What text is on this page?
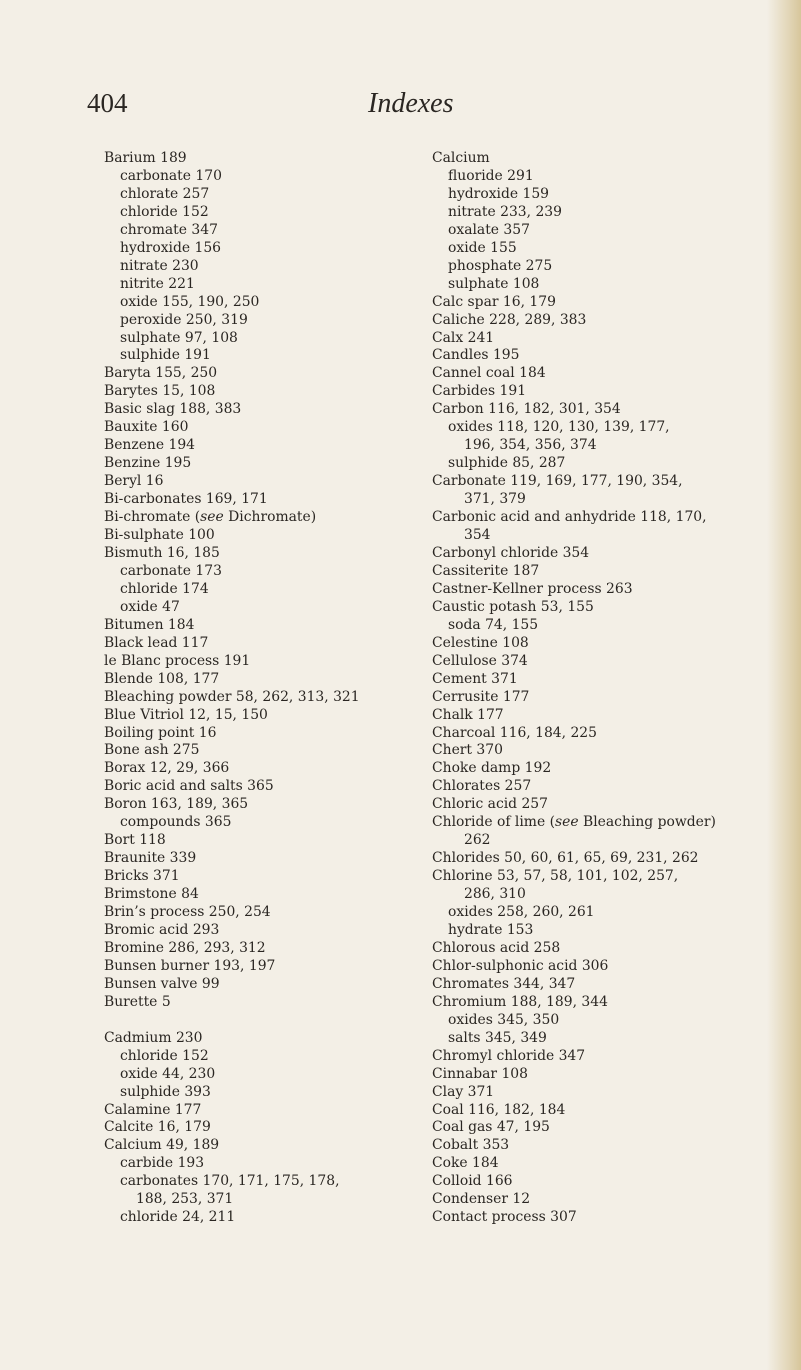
404	Indexes
Barium 189
carbonate 170
chlorate 257
chloride 152
chromate 347
hydroxide 156
nitrate 230
nitrite 221
oxide 155, 190, 250
peroxide 250, 319
sulphate 97, 108
sulphide 191
Baryta 155, 250
Barytes 15, 108
Basic slag 188, 383
Bauxite 160
Benzene 194
Benzine 195
Beryl 16
Bi-carbonates 169, 171
Bi-chromate (see Dichromate)
Bi-sulphate 100
Bismuth 16, 185
carbonate 173
chloride 174
oxide 47
Bitumen 184
Black lead 117
le Blanc process 191
Blende 108, 177
Bleaching powder 58, 262, 313, 321
Blue Vitriol 12, 15, 150
Boiling point 16
Bone ash 275
Borax 12, 29, 366
Boric acid and salts 365
Boron 163, 189, 365
compounds 365
Bort 118
Braunite 339
Bricks 371
Brimstone 84
Brin’s process 250, 254
Bromic acid 293
Bromine 286, 293, 312
Bunsen burner 193, 197
Bunsen valve 99
Burette 5
Cadmium 230
chloride 152
oxide 44, 230
sulphide 393
Calamine 177
Calcite 16, 179
Calcium 49, 189
carbide 193
carbonates 170, 171, 175, 178,
188, 253, 371
chloride 24, 211
Calcium
fluoride 291
hydroxide 159
nitrate 233, 239
oxalate 357
oxide 155
phosphate 275
sulphate 108
Calc spar 16, 179
Caliche 228, 289, 383
Calx 241
Candles 195
Cannel coal 184
Carbides 191
Carbon 116, 182, 301, 354
oxides 118, 120, 130, 139, 177,
196, 354, 356, 374
sulphide 85, 287
Carbonate 119, 169, 177, 190, 354,
371, 379
Carbonic acid and anhydride 118, 170,
354
Carbonyl chloride 354
Cassiterite 187
Castner-Kellner process 263
Caustic potash 53, 155
soda 74, 155
Celestine 108
Cellulose 374
Cement 371
Cerrusite 177
Chalk 177
Charcoal 116, 184, 225
Chert 370
Choke damp 192
Chlorates 257
Chloric acid 257
Chloride of lime (see Bleaching powder)
262
Chlorides 50, 60, 61, 65, 69, 231, 262
Chlorine 53, 57, 58, 101, 102, 257,
286, 310
oxides 258, 260, 261
hydrate 153
Chlorous acid 258
Chlor-sulphonic acid 306
Chromates 344, 347
Chromium 188, 189, 344
oxides 345, 350
salts 345, 349
Chromyl chloride 347
Cinnabar 108
Clay 371
Coal 116, 182, 184
Coal gas 47, 195
Cobalt 353
Coke 184
Colloid 166
Condenser 12
Contact process 307
